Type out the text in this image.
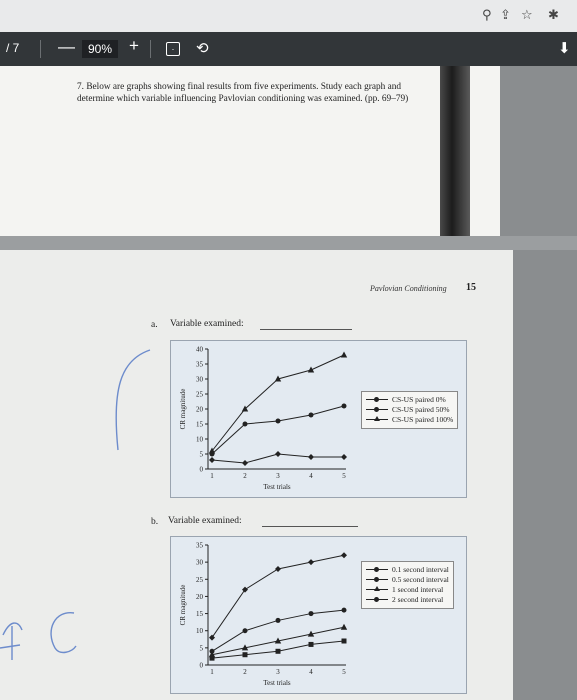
⚲ ⇪ ☆ ✱
/ 7 —	90% +	·	⟲	⬇
7. Below are graphs showing final results from five experiments. Study each graph and determine which variable influencing Pavlovian conditioning was examined. (pp. 69–79)
Pavlovian Conditioning 15
a. Variable examined:
0
5
10
15
20
25
30
35
40
1	2	3	4	5
Test trials
CR magnitude	CS-US paired 0%
CS-US paired 50%
CS-US paired 100%
b. Variable examined:
0
5
10
15
20
25
30
35
1	2	3	4	5
Test trials
CR magnitude
0.1 second interval
0.5 second interval
1 second interval
2 second interval
